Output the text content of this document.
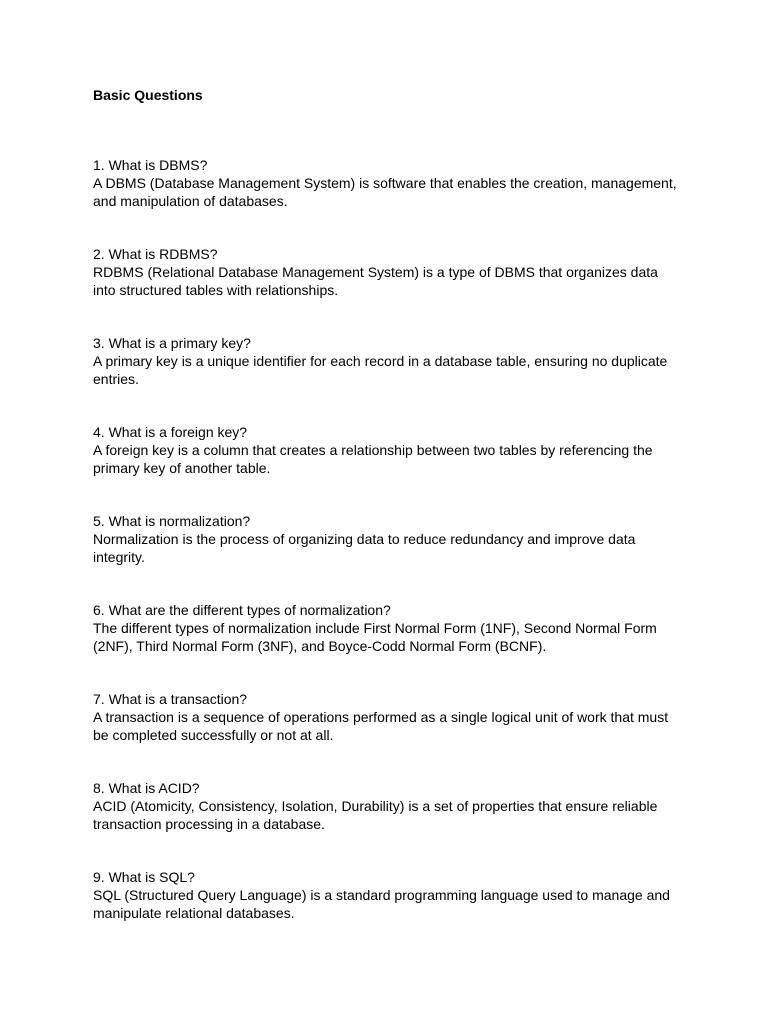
Basic Questions

1. What is DBMS?

A DBMS (Database Management System) is software that enables the creation, management, and manipulation of databases.

2. What is RDBMS?

RDBMS (Relational Database Management System) is a type of DBMS that organizes data into structured tables with relationships.

3. What is a primary key?

A primary key is a unique identifier for each record in a database table, ensuring no duplicate entries.

4. What is a foreign key?

A foreign key is a column that creates a relationship between two tables by referencing the primary key of another table.

5. What is normalization?

Normalization is the process of organizing data to reduce redundancy and improve data integrity.

6. What are the different types of normalization?

The different types of normalization include First Normal Form (1NF), Second Normal Form (2NF), Third Normal Form (3NF), and Boyce-Codd Normal Form (BCNF).

7. What is a transaction?

A transaction is a sequence of operations performed as a single logical unit of work that must be completed successfully or not at all.

8. What is ACID?

ACID (Atomicity, Consistency, Isolation, Durability) is a set of properties that ensure reliable transaction processing in a database.

9. What is SQL?

SQL (Structured Query Language) is a standard programming language used to manage and manipulate relational databases.
